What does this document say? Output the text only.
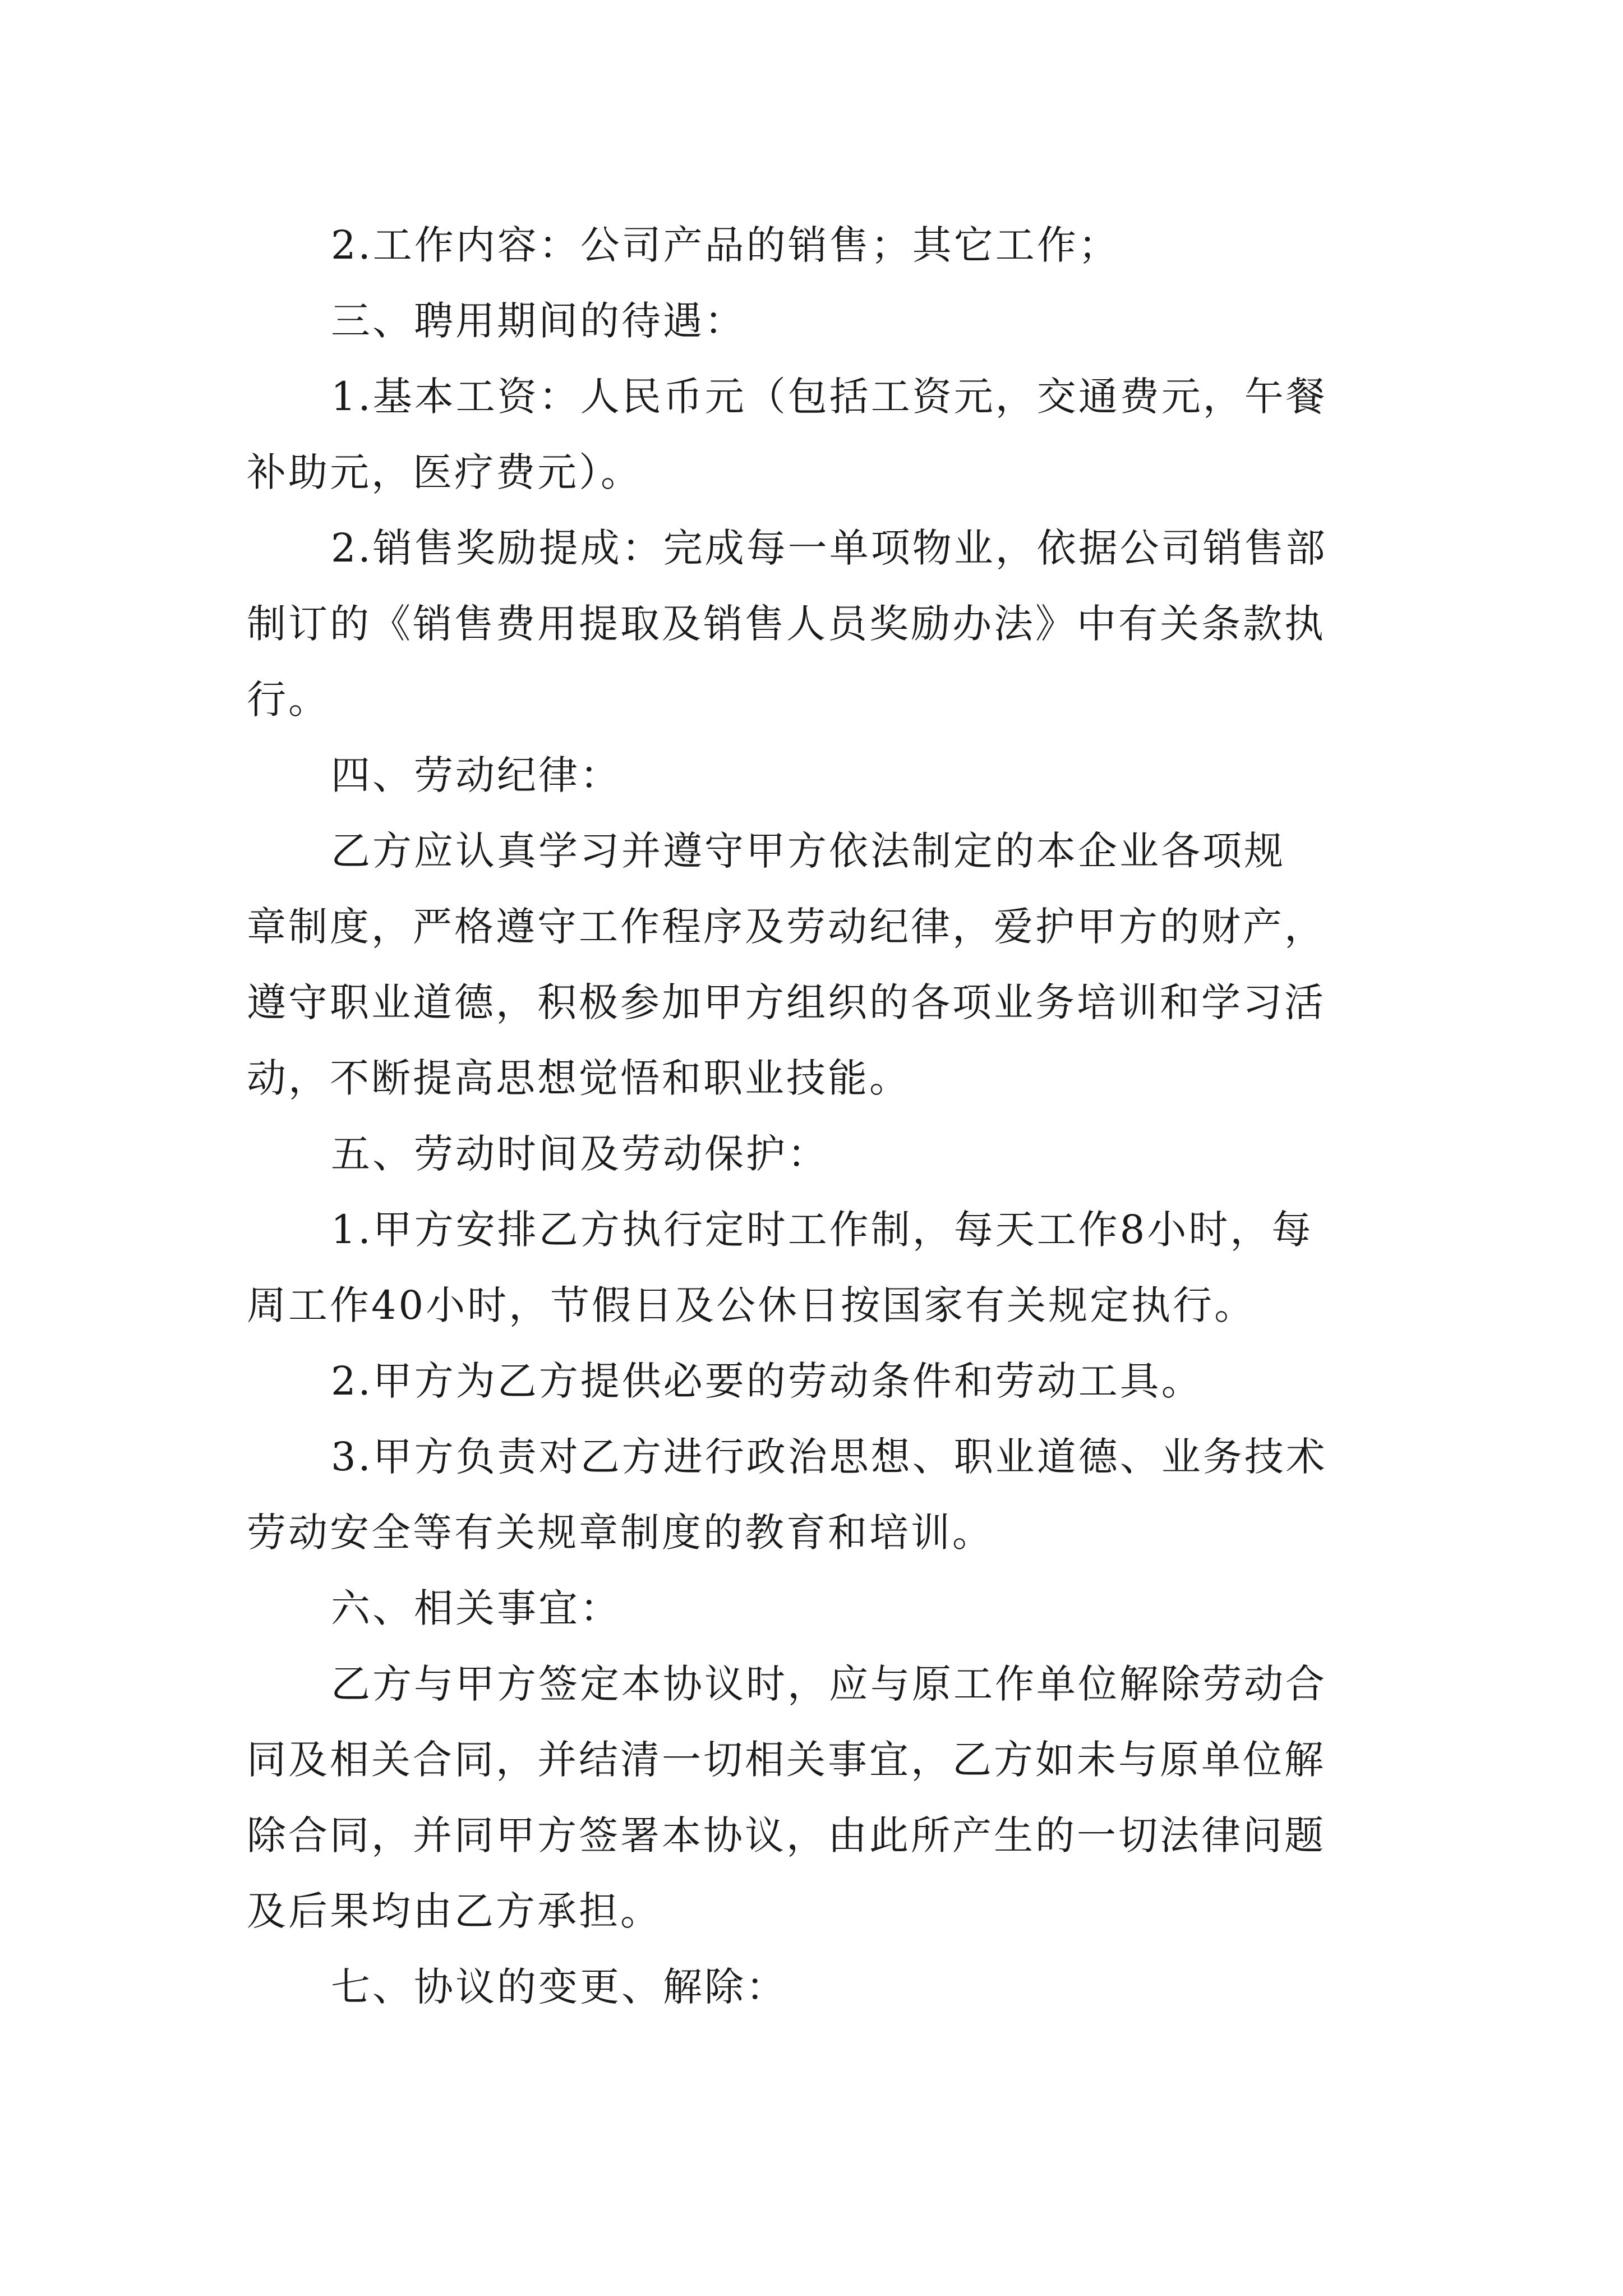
2.工作内容：公司产品的销售；其它工作；
三、聘用期间的待遇：
1.基本工资：人民币元（包括工资元，交通费元，午餐
补助元，医疗费元）。
2.销售奖励提成：完成每一单项物业，依据公司销售部
制订的《销售费用提取及销售人员奖励办法》中有关条款执
行。
四、劳动纪律：
乙方应认真学习并遵守甲方依法制定的本企业各项规
章制度，严格遵守工作程序及劳动纪律，爱护甲方的财产，
遵守职业道德，积极参加甲方组织的各项业务培训和学习活
动，不断提高思想觉悟和职业技能。
五、劳动时间及劳动保护：
1.甲方安排乙方执行定时工作制，每天工作8小时，每
周工作40小时，节假日及公休日按国家有关规定执行。
2.甲方为乙方提供必要的劳动条件和劳动工具。
3.甲方负责对乙方进行政治思想、职业道德、业务技术
劳动安全等有关规章制度的教育和培训。
六、相关事宜：
乙方与甲方签定本协议时，应与原工作单位解除劳动合
同及相关合同，并结清一切相关事宜，乙方如未与原单位解
除合同，并同甲方签署本协议，由此所产生的一切法律问题
及后果均由乙方承担。
七、协议的变更、解除：
